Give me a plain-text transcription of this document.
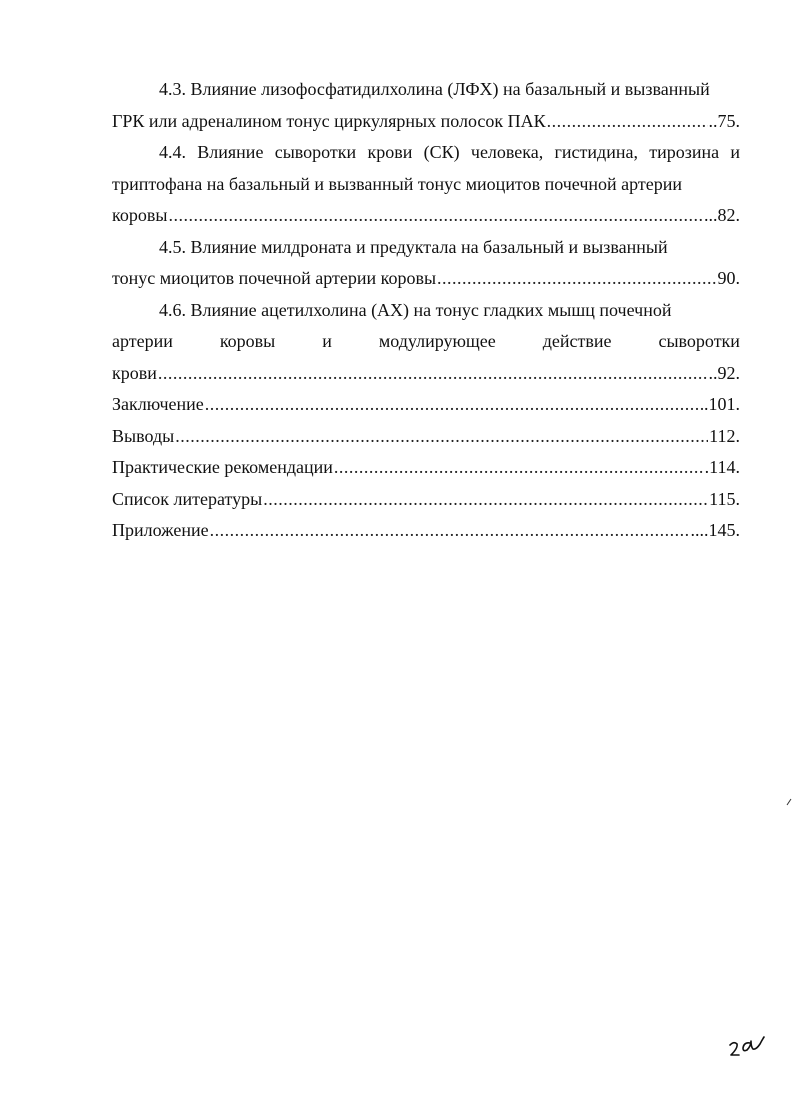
4.3. Влияние лизофосфатидилхолина (ЛФХ) на базальный и вызванный
ГРК или адреналином тонус циркулярных полосок ПАК .....	..75.

4.4. Влияние сыворотки крови (СК) человека, гистидина, тирозина и триптофана на базальный и вызванный тонус миоцитов почечной артерии

коровы .....	...82.

4.5. Влияние милдроната и предуктала на базальный и вызванный

тонус миоцитов почечной артерии коровы .....	90.

4.6. Влияние ацетилхолина (АХ) на тонус гладких мышц почечной

артерии	коровы	и	модулирующее	действие	сыворотки
крови .....	..92.
Заключение .....	.101.
Выводы .....	112.
Практические рекомендации .....	.114.
Список литературы .....	115.
Приложение .....	....145.
